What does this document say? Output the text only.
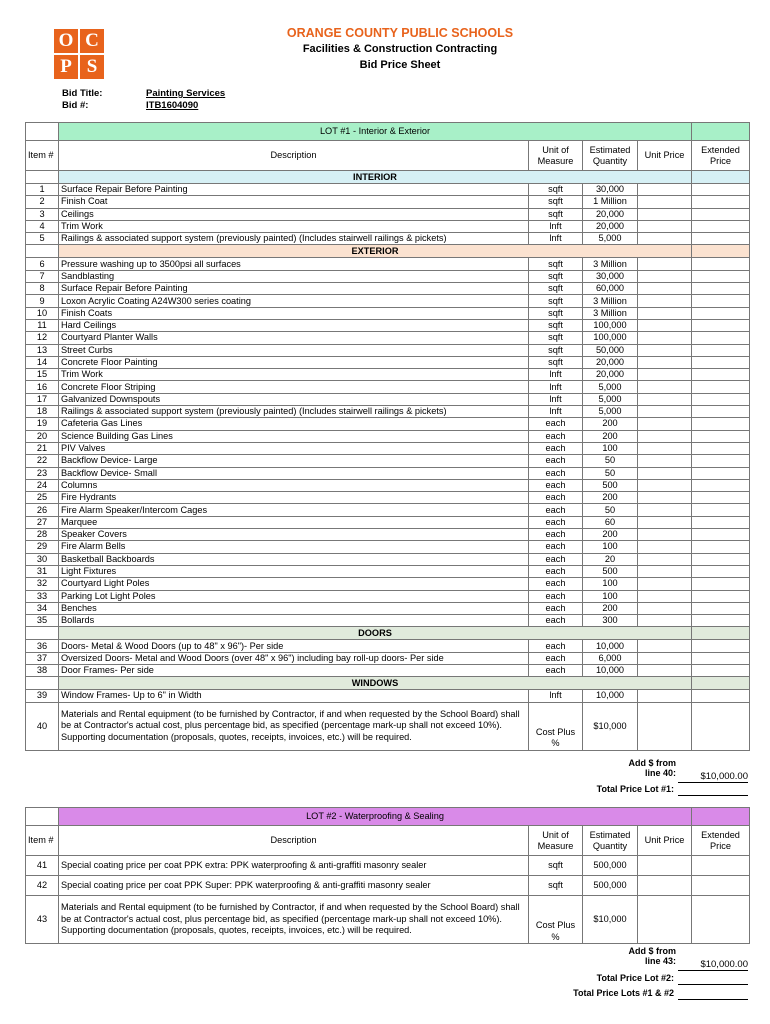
O C
P S
ORANGE COUNTY PUBLIC SCHOOLS
Facilities & Construction Contracting
Bid Price Sheet
Bid Title:	Painting Services
Bid #:	ITB1604090
	LOT #1 - Interior & Exterior				
Item #	Description	Unit of Measure	Estimated Quantity	Unit Price	Extended Price
	INTERIOR				
1	Surface Repair Before Painting	sqft	30,000		
2	Finish Coat	sqft	1 Million		
3	Ceilings	sqft	20,000		
4	Trim Work	lnft	20,000		
5	Railings & associated support system (previously painted) (Includes stairwell railings & pickets)	lnft	5,000		
	EXTERIOR				
6	Pressure washing up to 3500psi all surfaces	sqft	3 Million		
7	Sandblasting	sqft	30,000		
8	Surface Repair Before Painting	sqft	60,000		
9	Loxon Acrylic Coating A24W300 series coating	sqft	3 Million		
10	Finish Coats	sqft	3 Million		
11	Hard Ceilings	sqft	100,000		
12	Courtyard Planter Walls	sqft	100,000		
13	Street Curbs	sqft	50,000		
14	Concrete Floor Painting	sqft	20,000		
15	Trim Work	lnft	20,000		
16	Concrete Floor Striping	lnft	5,000		
17	Galvanized Downspouts	lnft	5,000		
18	Railings & associated support system (previously painted) (Includes stairwell railings & pickets)	lnft	5,000		
19	Cafeteria Gas Lines	each	200		
20	Science Building Gas Lines	each	200		
21	PIV Valves	each	100		
22	Backflow Device- Large	each	50		
23	Backflow Device- Small	each	50		
24	Columns	each	500		
25	Fire Hydrants	each	200		
26	Fire Alarm Speaker/Intercom Cages	each	50		
27	Marquee	each	60		
28	Speaker Covers	each	200		
29	Fire Alarm Bells	each	100		
30	Basketball Backboards	each	20		
31	Light Fixtures	each	500		
32	Courtyard Light Poles	each	100		
33	Parking Lot Light Poles	each	100		
34	Benches	each	200		
35	Bollards	each	300		
	DOORS				
36	Doors- Metal & Wood Doors (up to 48" x 96")- Per side	each	10,000		
37	Oversized Doors- Metal and Wood Doors (over 48" x 96") including bay roll-up doors- Per side	each	6,000		
38	Door Frames- Per side	each	10,000		
	WINDOWS				
39	Window Frames- Up to 6" in Width	lnft	10,000		
40	Materials and Rental equipment (to be furnished by Contractor, if and when requested by the School Board) shall be at Contractor's actual cost, plus percentage bid, as specified (percentage mark-up shall not exceed 10%). Supporting documentation (proposals, quotes, receipts, invoices, etc.) will be required.	Cost Plus %	$10,000		
Add $ from
line 40:	$10,000.00
Total Price Lot #1:
	LOT #2 - Waterproofing & Sealing				
Item #	Description	Unit of Measure	Estimated Quantity	Unit Price	Extended Price
41	Special coating price per coat PPK extra: PPK waterproofing & anti-graffiti masonry sealer	sqft	500,000		
42	Special coating price per coat PPK Super: PPK waterproofing & anti-graffiti masonry sealer	sqft	500,000		
43	Materials and Rental equipment (to be furnished by Contractor, if and when requested by the School Board) shall be at Contractor's actual cost, plus percentage bid, as specified (percentage mark-up shall not exceed 10%). Supporting documentation (proposals, quotes, receipts, invoices, etc.) will be required.	Cost Plus %	$10,000		
Add $ from
line 43:	$10,000.00
Total Price Lot #2:
Total Price Lots #1 & #2
